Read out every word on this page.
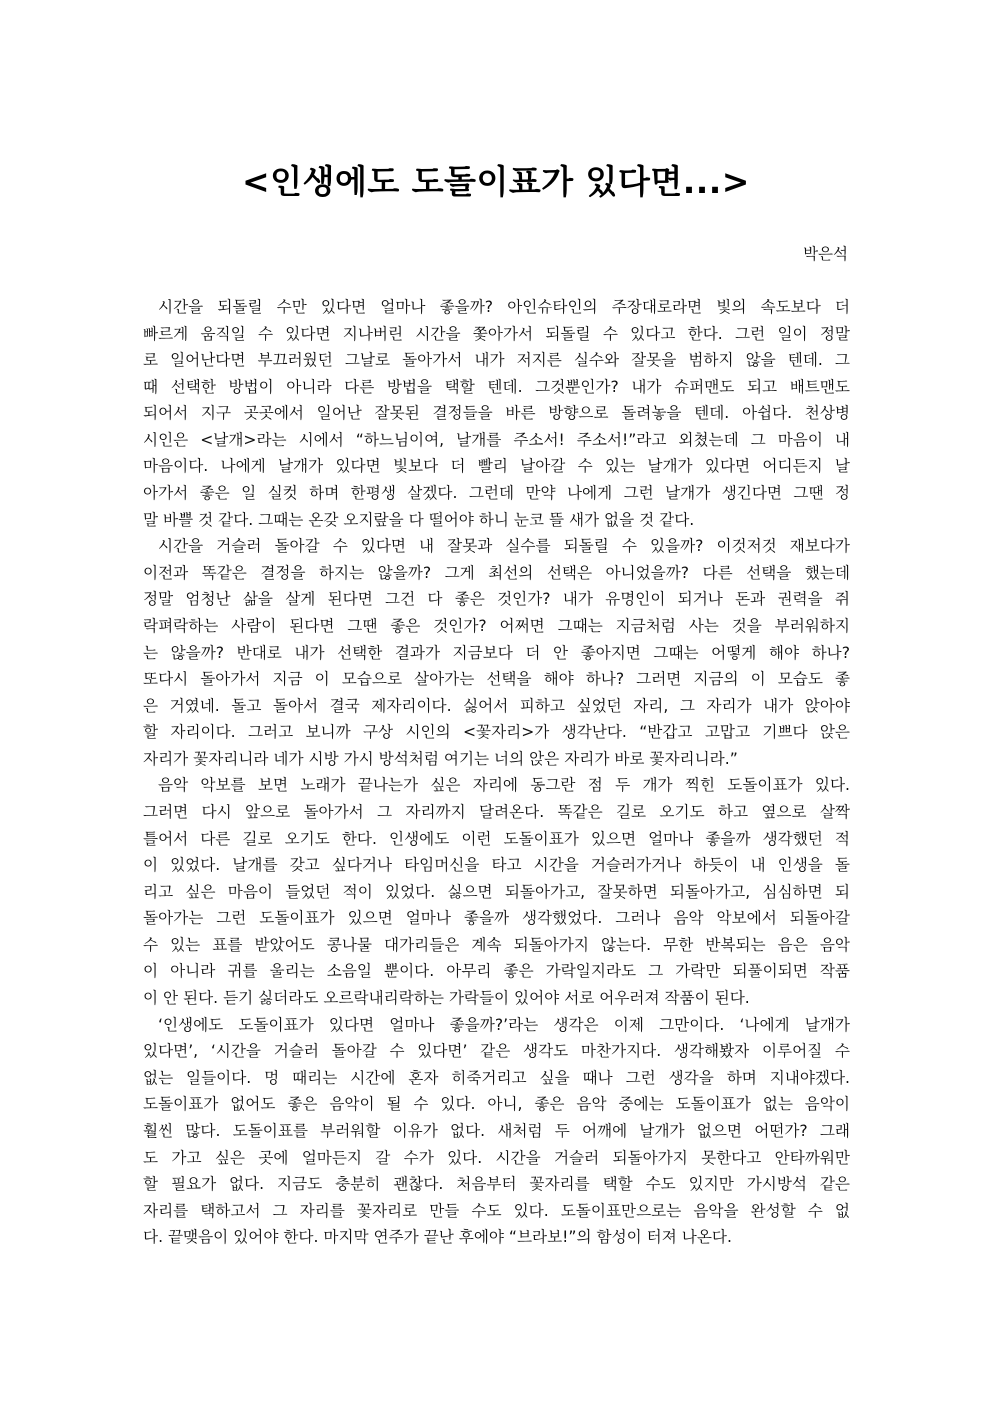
<인생에도 도돌이표가 있다면...>

박은석

시간을 되돌릴 수만 있다면 얼마나 좋을까? 아인슈타인의 주장대로라면 빛의 속도보다 더
빠르게 움직일 수 있다면 지나버린 시간을 쫓아가서 되돌릴 수 있다고 한다. 그런 일이 정말
로 일어난다면 부끄러웠던 그날로 돌아가서 내가 저지른 실수와 잘못을 범하지 않을 텐데. 그
때 선택한 방법이 아니라 다른 방법을 택할 텐데. 그것뿐인가? 내가 슈퍼맨도 되고 배트맨도
되어서 지구 곳곳에서 일어난 잘못된 결정들을 바른 방향으로 돌려놓을 텐데. 아쉽다. 천상병
시인은 <날개>라는 시에서 “하느님이여, 날개를 주소서! 주소서!”라고 외쳤는데 그 마음이 내
마음이다. 나에게 날개가 있다면 빛보다 더 빨리 날아갈 수 있는 날개가 있다면 어디든지 날
아가서 좋은 일 실컷 하며 한평생 살겠다. 그런데 만약 나에게 그런 날개가 생긴다면 그땐 정
말 바쁠 것 같다. 그때는 온갖 오지랖을 다 떨어야 하니 눈코 뜰 새가 없을 것 같다.
시간을 거슬러 돌아갈 수 있다면 내 잘못과 실수를 되돌릴 수 있을까? 이것저것 재보다가
이전과 똑같은 결정을 하지는 않을까? 그게 최선의 선택은 아니었을까? 다른 선택을 했는데
정말 엄청난 삶을 살게 된다면 그건 다 좋은 것인가? 내가 유명인이 되거나 돈과 권력을 쥐
락펴락하는 사람이 된다면 그땐 좋은 것인가? 어쩌면 그때는 지금처럼 사는 것을 부러워하지
는 않을까? 반대로 내가 선택한 결과가 지금보다 더 안 좋아지면 그때는 어떻게 해야 하나?
또다시 돌아가서 지금 이 모습으로 살아가는 선택을 해야 하나? 그러면 지금의 이 모습도 좋
은 거였네. 돌고 돌아서 결국 제자리이다. 싫어서 피하고 싶었던 자리, 그 자리가 내가 앉아야
할 자리이다. 그러고 보니까 구상 시인의 <꽃자리>가 생각난다. “반갑고 고맙고 기쁘다 앉은
자리가 꽃자리니라 네가 시방 가시 방석처럼 여기는 너의 앉은 자리가 바로 꽃자리니라.”
음악 악보를 보면 노래가 끝나는가 싶은 자리에 동그란 점 두 개가 찍힌 도돌이표가 있다.
그러면 다시 앞으로 돌아가서 그 자리까지 달려온다. 똑같은 길로 오기도 하고 옆으로 살짝
틀어서 다른 길로 오기도 한다. 인생에도 이런 도돌이표가 있으면 얼마나 좋을까 생각했던 적
이 있었다. 날개를 갖고 싶다거나 타임머신을 타고 시간을 거슬러가거나 하듯이 내 인생을 돌
리고 싶은 마음이 들었던 적이 있었다. 싫으면 되돌아가고, 잘못하면 되돌아가고, 심심하면 되
돌아가는 그런 도돌이표가 있으면 얼마나 좋을까 생각했었다. 그러나 음악 악보에서 되돌아갈
수 있는 표를 받았어도 콩나물 대가리들은 계속 되돌아가지 않는다. 무한 반복되는 음은 음악
이 아니라 귀를 울리는 소음일 뿐이다. 아무리 좋은 가락일지라도 그 가락만 되풀이되면 작품
이 안 된다. 듣기 싫더라도 오르락내리락하는 가락들이 있어야 서로 어우러져 작품이 된다.
‘인생에도 도돌이표가 있다면 얼마나 좋을까?’라는 생각은 이제 그만이다. ‘나에게 날개가
있다면’, ‘시간을 거슬러 돌아갈 수 있다면’ 같은 생각도 마찬가지다. 생각해봤자 이루어질 수
없는 일들이다. 멍 때리는 시간에 혼자 히죽거리고 싶을 때나 그런 생각을 하며 지내야겠다.
도돌이표가 없어도 좋은 음악이 될 수 있다. 아니, 좋은 음악 중에는 도돌이표가 없는 음악이
훨씬 많다. 도돌이표를 부러워할 이유가 없다. 새처럼 두 어깨에 날개가 없으면 어떤가? 그래
도 가고 싶은 곳에 얼마든지 갈 수가 있다. 시간을 거슬러 되돌아가지 못한다고 안타까워만
할 필요가 없다. 지금도 충분히 괜찮다. 처음부터 꽃자리를 택할 수도 있지만 가시방석 같은
자리를 택하고서 그 자리를 꽃자리로 만들 수도 있다. 도돌이표만으로는 음악을 완성할 수 없
다. 끝맺음이 있어야 한다. 마지막 연주가 끝난 후에야 “브라보!”의 함성이 터져 나온다.
